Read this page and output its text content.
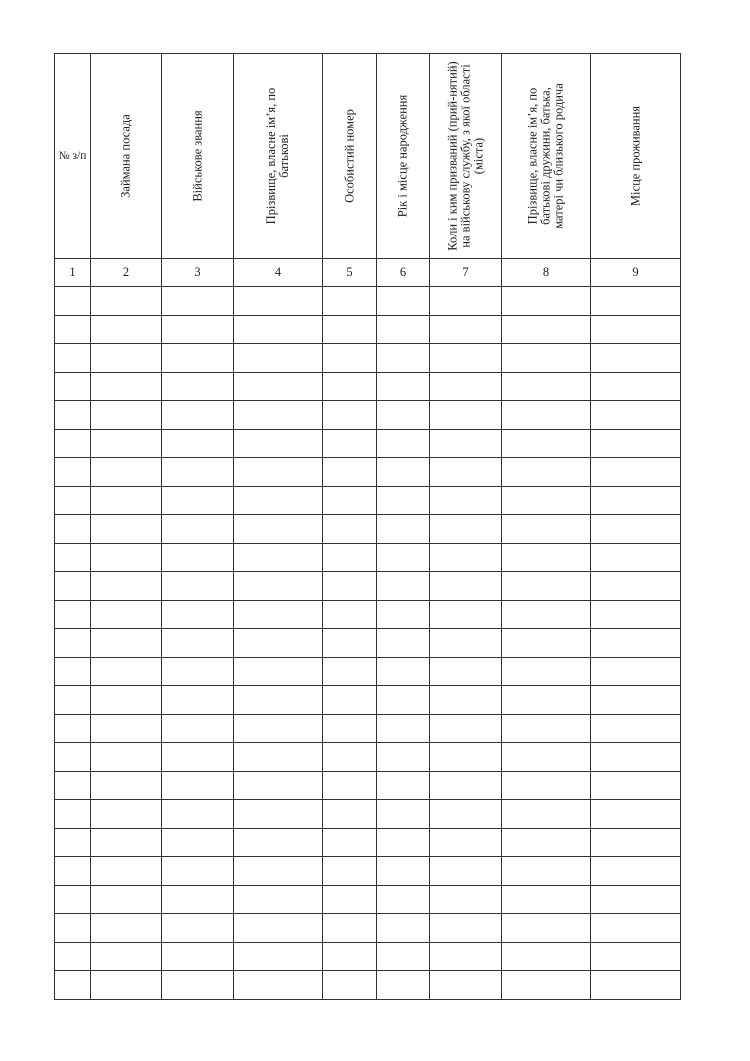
№ з/п	Займана посада	Військове звання	Прізвище, власне ім’я, по батькові	Особистий номер	Рік і місце народження	Коли і ким призваний (прий-нятий) на військову службу, з якої області (міста)	Прізвище, власне ім’я, по батькові дружини, батька, матері чи близького родича	Місце проживання

1	2	3	4	5	6	7	8	9
